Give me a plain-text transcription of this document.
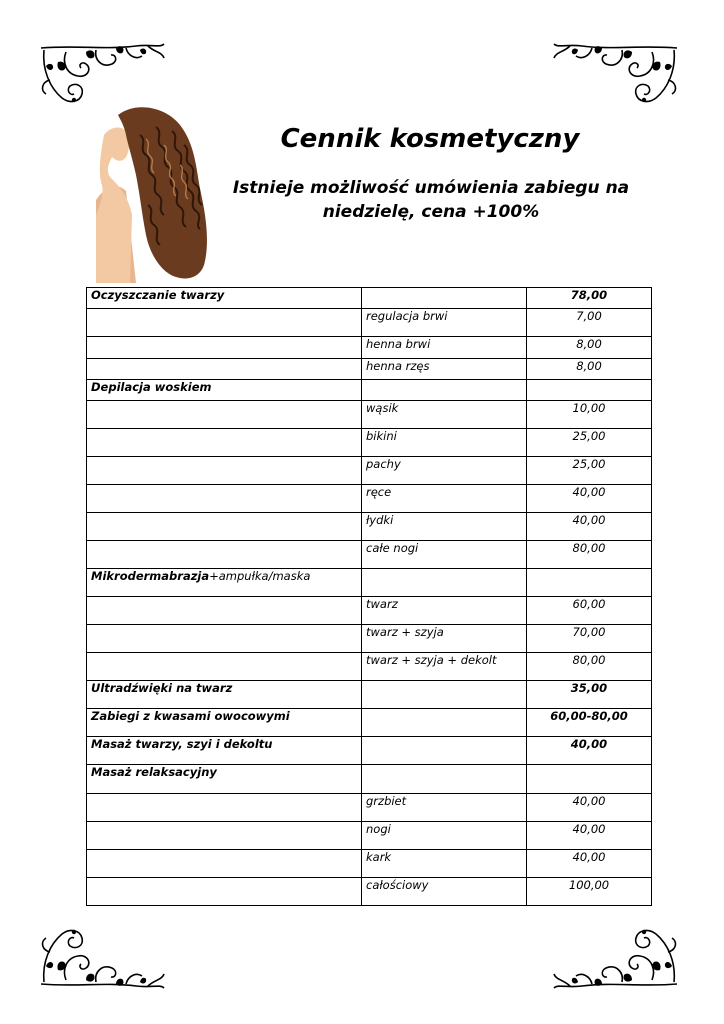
Cennik kosmetyczny
Istnieje możliwość umówienia zabiegu na niedzielę, cena +100%
Oczyszczanie twarzy		78,00
	regulacja brwi	7,00
	henna brwi	8,00
	henna rzęs	8,00
Depilacja woskiem		
	wąsik	10,00
	bikini	25,00
	pachy	25,00
	ręce	40,00
	łydki	40,00
	całe nogi	80,00
Mikrodermabrazja+ampułka/maska		
	twarz	60,00
	twarz + szyja	70,00
	twarz + szyja + dekolt	80,00
Ultradźwięki na twarz		35,00
Zabiegi z kwasami owocowymi		60,00-80,00
Masaż twarzy, szyi i dekoltu		40,00
Masaż relaksacyjny		
	grzbiet	40,00
	nogi	40,00
	kark	40,00
	całościowy	100,00
